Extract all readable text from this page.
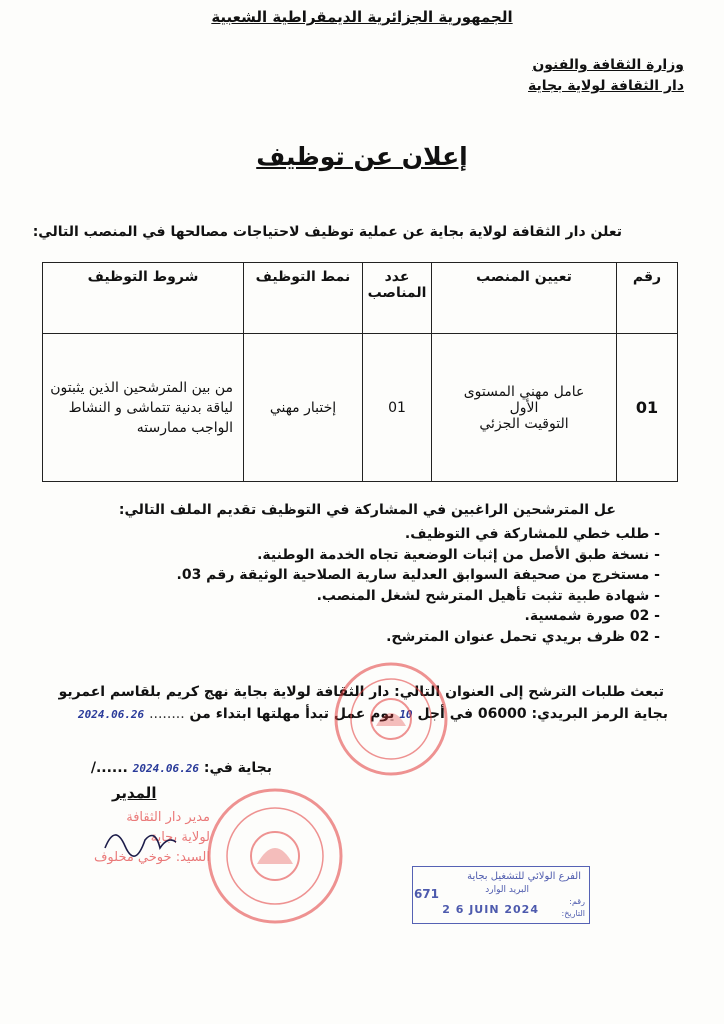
الجمهورية الجزائرية الديمقراطية الشعبية
وزارة الثقافة والفنون
دار الثقافة لولاية بجاية
إعلان عن توظيف
تعلن دار الثقافة لولاية بجاية عن عملية توظيف لاحتياجات مصالحها في المنصب التالي:
رقم	تعيين المنصب	عدد المناصب	نمط التوظيف	شروط التوظيف
01	عامل مهني المستوى
الأول
التوقيت الجزئي	01	إختبار مهني	من بين المترشحين الذين يثبتون لياقة بدنية تتماشى و النشاط الواجب ممارسته
عل المترشحين الراغبين في المشاركة في التوظيف تقديم الملف التالي:
- طلب خطي للمشاركة في التوظيف.
- نسخة طبق الأصل من إثبات الوضعية تجاه الخدمة الوطنية.
- مستخرج من صحيفة السوابق العدلية سارية الصلاحية الوثيقة رقم 03.
- شهادة طبية تثبت تأهيل المترشح لشغل المنصب.
- 02 صورة شمسية.
- 02 ظرف بريدي تحمل عنوان المترشح.
تبعث طلبات الترشح إلى العنوان التالي: دار الثقافة لولاية بجاية نهج كريم بلقاسم اعمريو
بجاية الرمز البريدي: 06000 في أجل 10 يوم عمل تبدأ مهلتها ابتداء من ........ 2024.06.26
بجاية في: 2024.06.26 ....../
المدير
مدير دار الثقافة
لولاية بجاية
السيد: خوخي مخلوف
الفرع الولائي للتشغيل بجاية
البريد الوارد
رقم:
671
التاريخ:
2 6 JUIN 2024
